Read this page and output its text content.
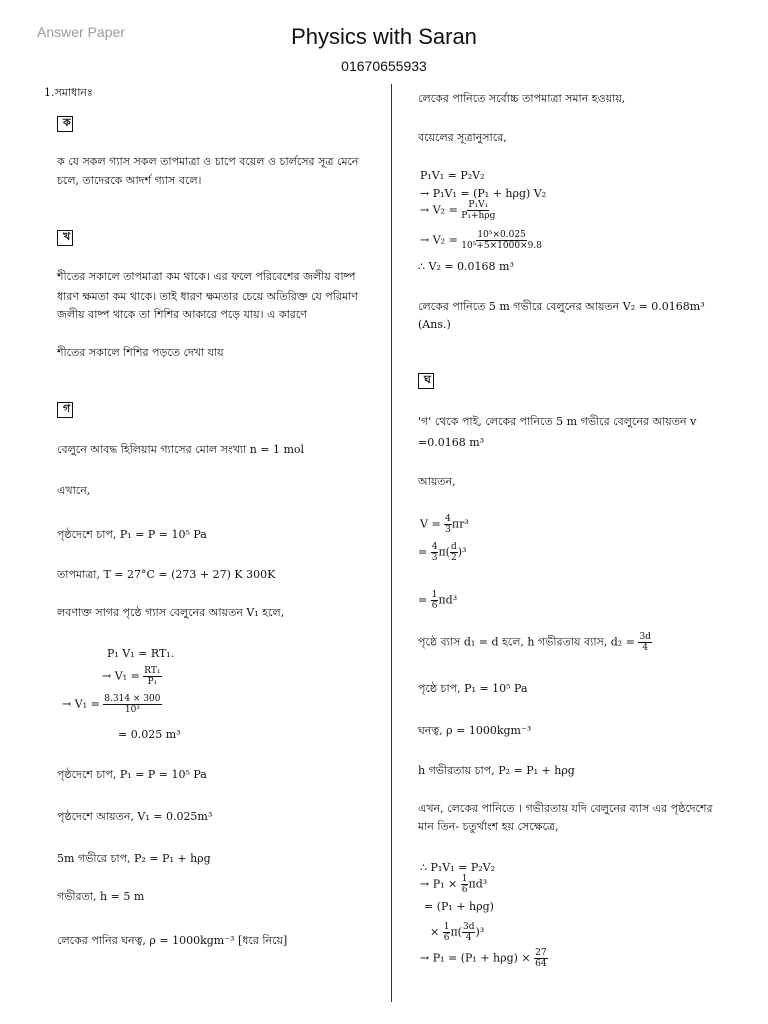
Answer Paper	Physics with Saran
01670655933
1.সমাধানঃ
ক
ক যে সকল গ্যাস সকল তাপমাত্রা ও চাপে বয়েল ও চার্লসের সূত্র মেনে
চলে, তাদেরকে আদর্শ গ্যাস বলে।
খ
শীতের সকালে তাপমাত্রা কম থাকে। এর ফলে পরিবেশের জলীয় বাষ্প
ধারণ ক্ষমতা কম থাকে। তাই ধারণ ক্ষমতার চেয়ে অতিরিক্ত যে পরিমাণ
জলীয় বাষ্প থাকে তা শিশির আকারে পড়ে যায়। এ কারণে
শীতের সকালে শিশির পড়তে দেখা যায়
গ
বেলুনে আবদ্ধ হিলিয়াম গ্যাসের মোল সংখ্যা n = 1 mol
এখানে,
পৃষ্ঠদেশে চাপ, P₁ = P = 10⁵ Pa
তাপমাত্রা, T = 27°C = (273 + 27) K 300K
লবণাক্ত সাগর পৃষ্ঠে গ্যাস বেলুনের আয়তন V₁ হলে,
P₁ V₁ = RT₁.
→ $V_1 = \frac{\text{RT₁}}{\text{P₁}}$
→ $V_1 = \frac{8.314 \times 300}{\text{10³}}$
= 0.025 m³
পৃষ্ঠদেশে চাপ, P₁ = P = 10⁵ Pa
পৃষ্ঠদেশে আয়তন, V₁ = 0.025m³
5m গভীরে চাপ, P₂ = P₁ + hρg
গভীরতা, h = 5 m
লেকের পানির ঘনত্ব, ρ = 1000kgm⁻³ [ধরে নিয়ে]
লেকের পানিতে সর্বোচ্চ তাপমাত্রা সমান হওয়ায়,
বয়েলের সূত্রানুসারে,
P₁V₁ = P₂V₂
→ P₁V₁ = (P₁ + hρg) V₂
→ $V_2 = \frac{\text{P₁V₁}}{\text{P₁+hρg}}$
→ $V_2 = \frac{\text{10⁵×0.025}}{\text{10⁵+5×1000×9.8}}$
∴ V₂ = 0.0168 m³
লেকের পানিতে 5 m গভীরে বেলুনের আয়তন V₂ = 0.0168m³
(Ans.)
ঘ
'গ' থেকে পাই, লেকের পানিতে 5 m গভীরে বেলুনের আয়তন v
=0.0168 m³
আয়তন,
$V = \frac{4}{3} \pi r^3$
= $\frac{4}{3} \pi( \frac{d}{2} )^3$
= $\frac{1}{6} \pi d^3$
পৃষ্ঠে ব্যাস d₁ = d হলে, h গভীরতায় ব্যাস, $d_2 = \frac{3d}{4}$
পৃষ্ঠে চাপ, P₁ = 10⁵ Pa
ঘনত্ব, ρ = 1000kgm⁻³
h গভীরতায় চাপ, P₂ = P₁ + hρg
এখন, লেকের পানিতে । গভীরতায় যদি বেলুনের ব্যাস এর পৃষ্ঠদেশের
মান তিন- চতুর্থাংশ হয় সেক্ষেত্রে,
∴ P₁V₁ = P₂V₂
→ $P_1 \times \frac{1}{6} \pi d^3$
= (P₁ + hρg)
× $\frac{1}{6} \pi( \frac{3d}{4} )^3$
→ $P_1 = (P_1 + h\rho g) \times \frac{27}{64}$
